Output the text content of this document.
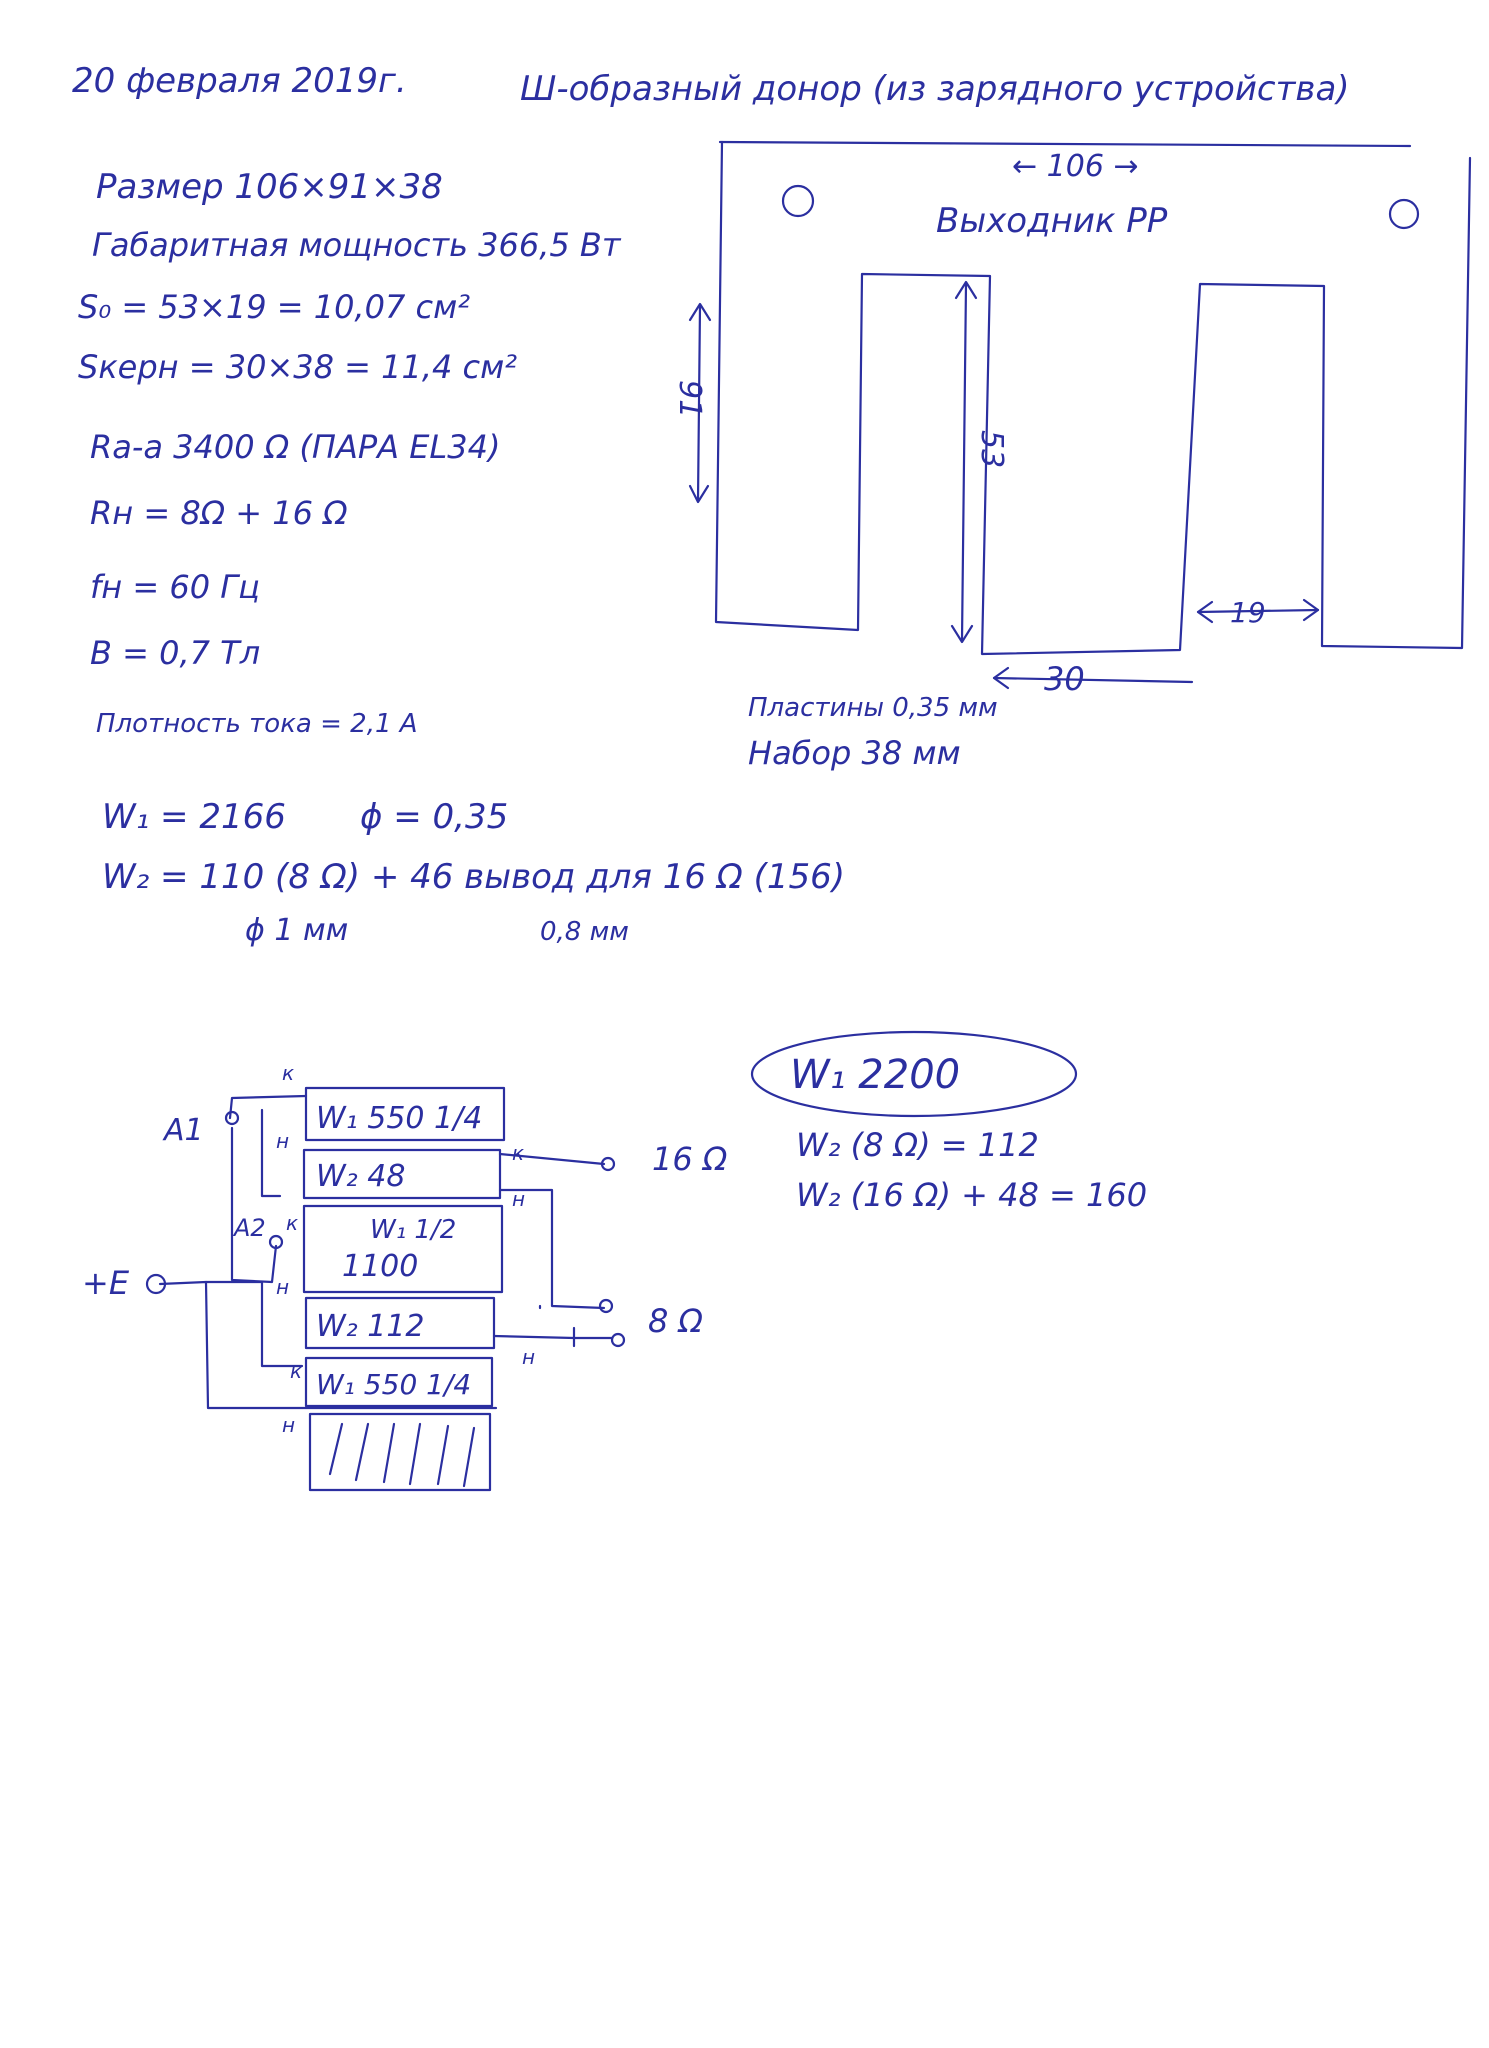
20 февраля 2019г.	Ш-образный донор (из зарядного устройства)
Размер 106×91×38
Габаритная мощность 366,5 Вт
S₀ = 53×19 = 10,07 см²
Sкерн = 30×38 = 11,4 см²
Rа-а 3400 Ω (ПАРА EL34)
Rн = 8Ω + 16 Ω
fн = 60 Гц
B = 0,7 Тл
Плотность тока = 2,1 A
W₁ = 2166 ϕ = 0,35
W₂ = 110 (8 Ω) + 46 вывод для 16 Ω (156)
ϕ 1 мм	0,8 мм
← 106 →
Выходник PP
91
53
19
30
Пластины 0,35 мм
Набор 38 мм
W₁ 2200
W₂ (8 Ω) = 112
W₂ (16 Ω) + 48 = 160
W₁ 550 1/4
W₂ 48
W₁ 1/2
1100
W₂ 112
W₁ 550 1/4
A1
A2
+E
16 Ω
8 Ω
к
н	к
н
к
н
н
к
н
